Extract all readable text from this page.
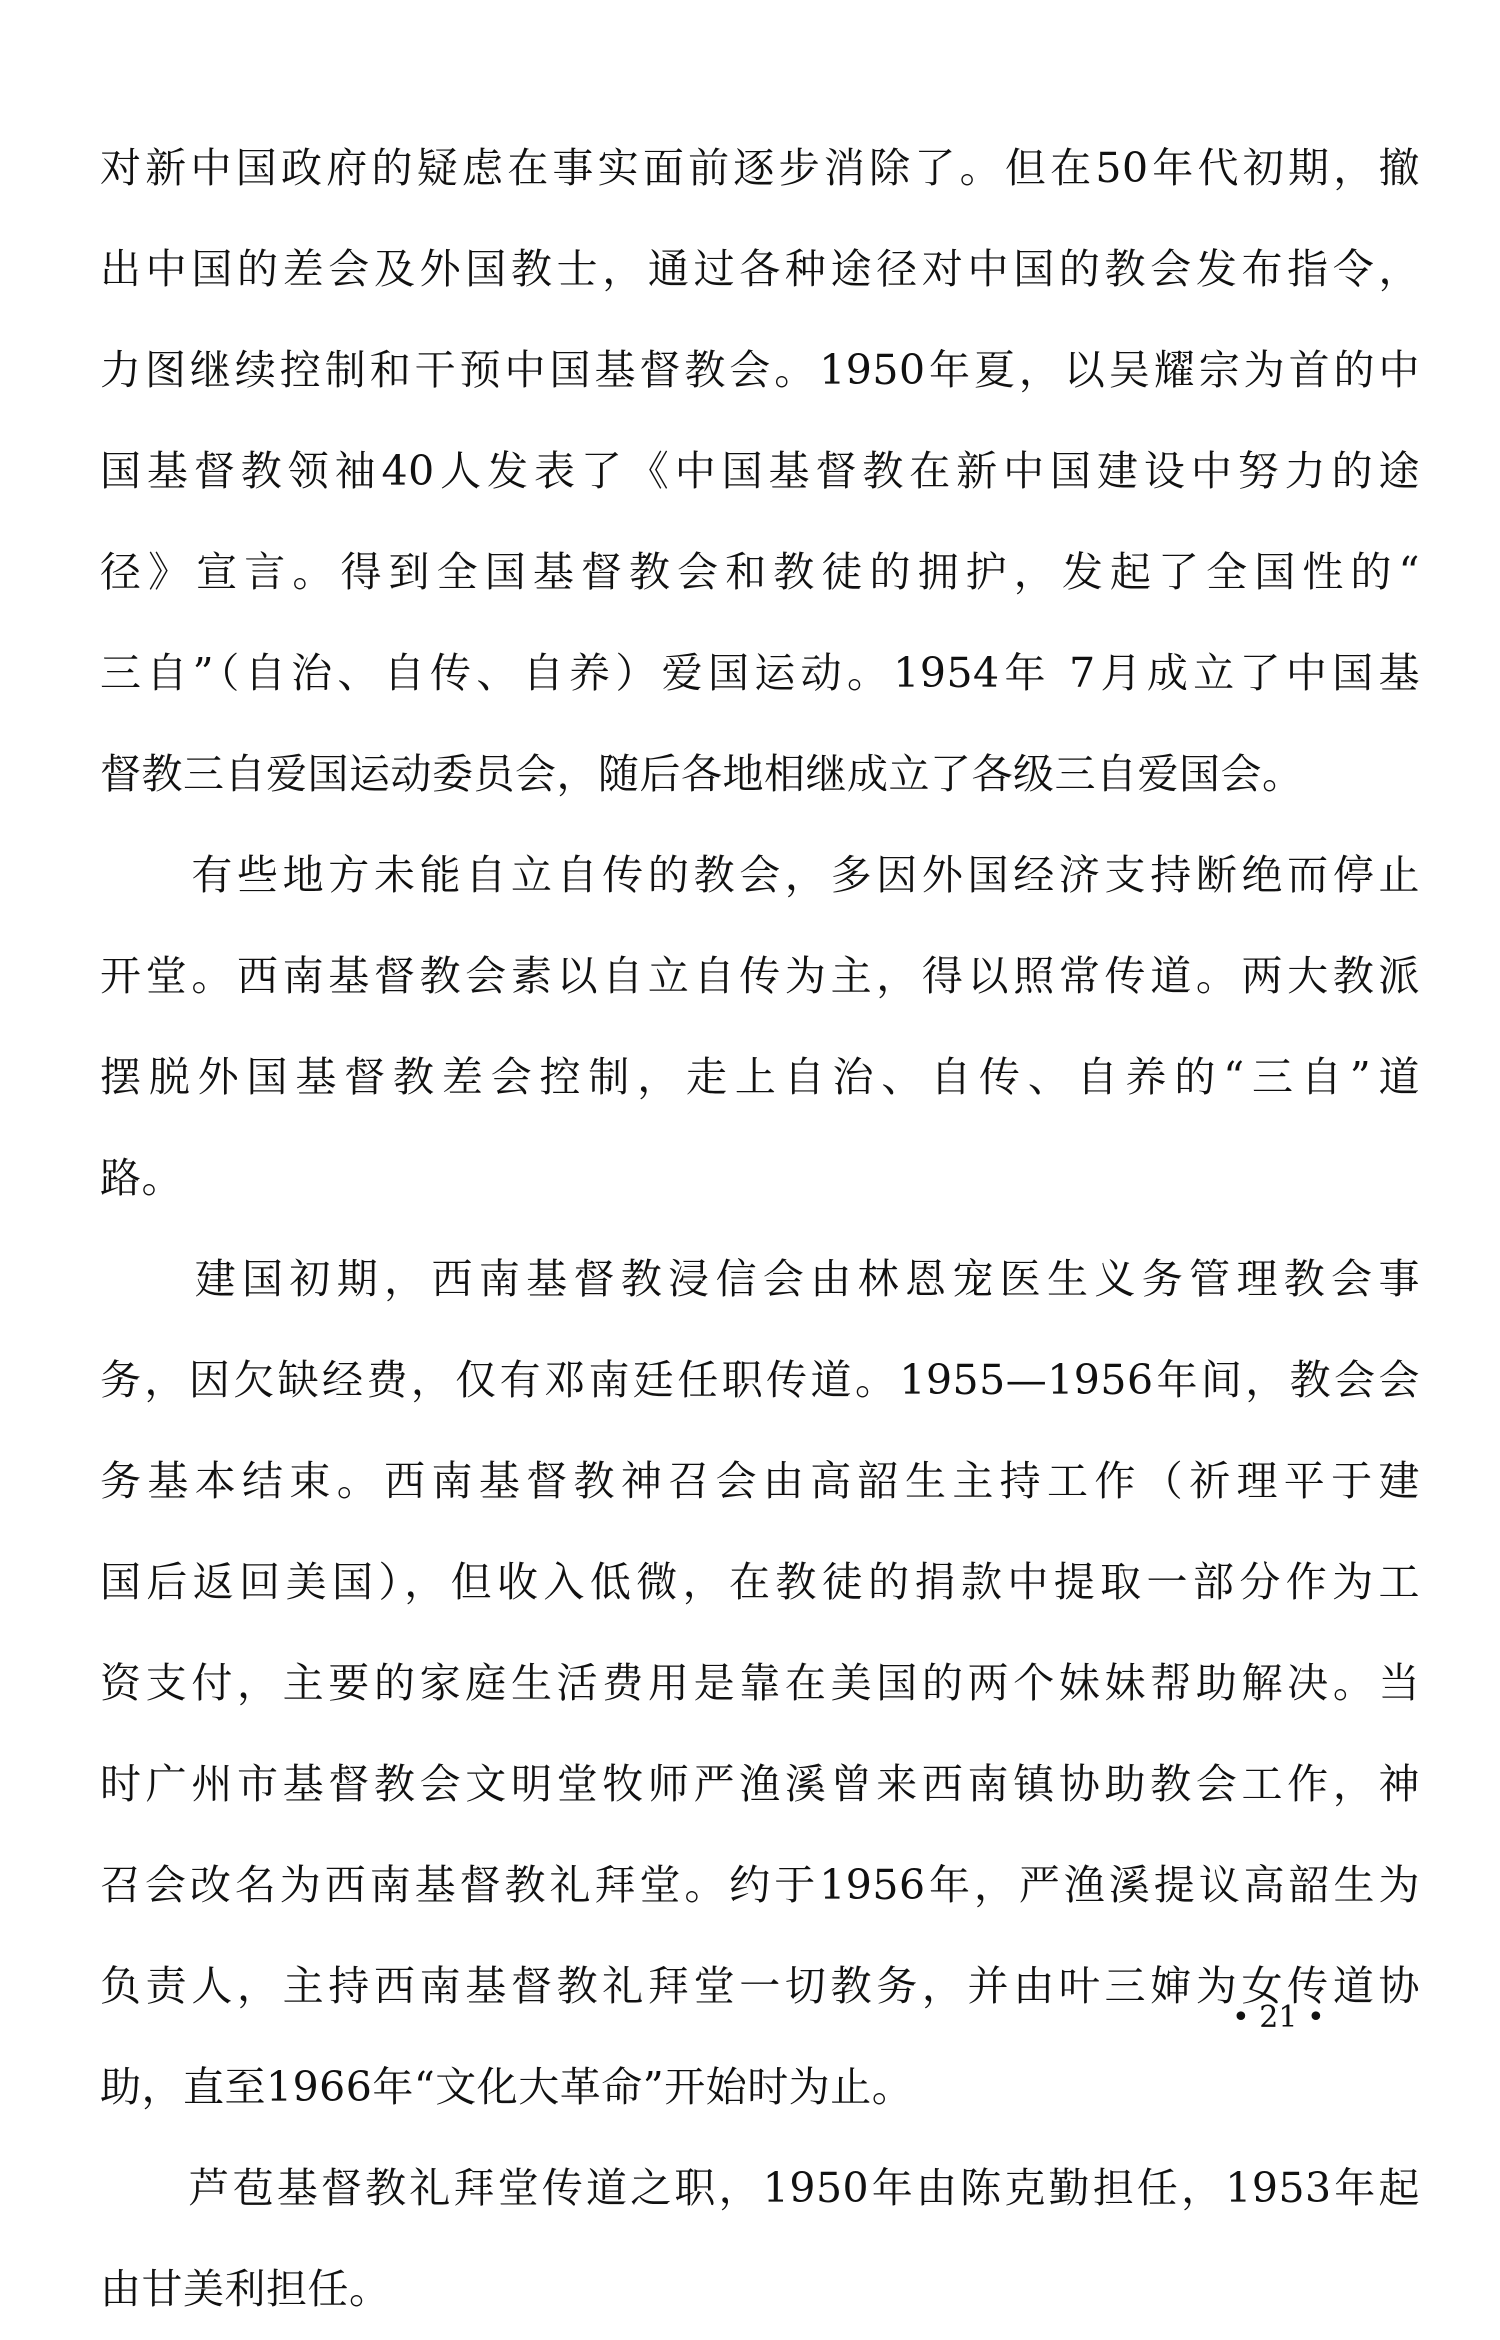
对新中国政府的疑虑在事实面前逐步消除了。但在50年代初期，撤
出中国的差会及外国教士，通过各种途径对中国的教会发布指令，
力图继续控制和干预中国基督教会。1950年夏，以吴耀宗为首的中
国基督教领袖40人发表了《中国基督教在新中国建设中努力的途
径》宣言。得到全国基督教会和教徒的拥护，发起了全国性的“
三自”（自治、自传、自养）爱国运动。1954年 7月成立了中国基
督教三自爱国运动委员会，随后各地相继成立了各级三自爱国会。
　　有些地方未能自立自传的教会，多因外国经济支持断绝而停止
开堂。西南基督教会素以自立自传为主，得以照常传道。两大教派
摆脱外国基督教差会控制，走上自治、自传、自养的“三自”道
路。
　　建国初期，西南基督教浸信会由林恩宠医生义务管理教会事
务，因欠缺经费，仅有邓南廷任职传道。1955—1956年间，教会会
务基本结束。西南基督教神召会由高韶生主持工作（祈理平于建
国后返回美国），但收入低微，在教徒的捐款中提取一部分作为工
资支付，主要的家庭生活费用是靠在美国的两个妹妹帮助解决。当
时广州市基督教会文明堂牧师严渔溪曾来西南镇协助教会工作，神
召会改名为西南基督教礼拜堂。约于1956年，严渔溪提议高韶生为
负责人，主持西南基督教礼拜堂一切教务，并由叶三婶为女传道协
助，直至1966年“文化大革命”开始时为止。
　　芦苞基督教礼拜堂传道之职，1950年由陈克勤担任，1953年起
由甘美利担任。
• 21 •
